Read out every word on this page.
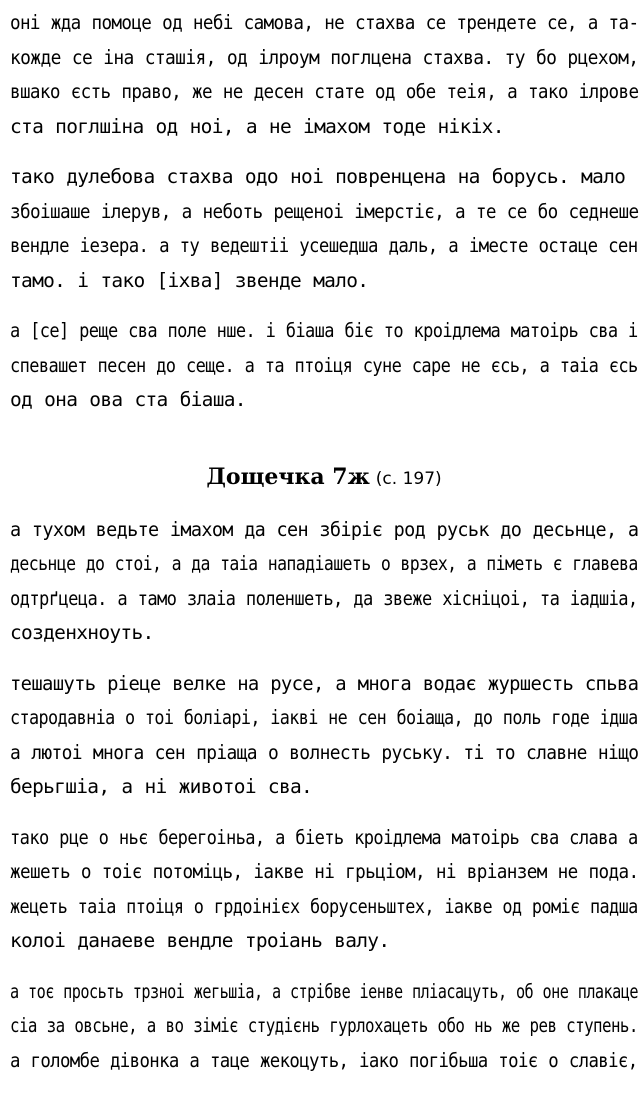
оні жда помоце од небі самова, не стахва се трендете се, а та-
кожде се іна сташія, од ілроум поглцена стахва. ту бо рцехом,
вшако єсть право, же не десен стате од обе теія, а тако ілрове
ста поглшіна од ноі, а не імахом тоде нікіх.

тако дулебова стахва одо ноі повренцена на борусь. мало
збоішаше ілерув, а неботь рещеноі імерстіє, а те се бо седнеше
вендле іезера. а ту ведештіі усешедша даль, а іместе остаце сен
тамо. і тако [іхва] звенде мало.

а [се] реще сва поле нше. і біаша біє то кроідлема матоірь сва і
спевашет песен до сеще. а та птоіця суне саре не єсь, а таіа єсь
од она ова ста біаша.

Дощечка 7ж (с. 197)

а тухом ведьте імахом да сен збіріє род руськ до десьнце, а
десьнце до стоі, а да таіа нападіашеть о врзех, а піметь є главева
одтрґцеца. а тамо злаіа поленшеть, да звеже хісніцоі, та іадшіа,
созденхноуть.

тешашуть ріеце велке на русе, а многа водає журшесть спьва
стародавніа о тоі боліарі, іакві не сен боіаща, до поль годе ідша
а лютоі многа сен пріаща о волнесть руську. ті то славне ніщо
берьгшіа, а ні животоі сва.

тако рце о ньє берегоіньа, а біеть кроідлема матоірь сва слава а
жешеть о тоіє потоміць, іакве ні грьціом, ні вріанзем не пода.
жецеть таіа птоіця о грдоінієх борусеньштех, іакве од роміє падша
колоі данаеве вендле троіань валу.

а тоє просьть трзноі жегьшіа, а стрібве іенве пліасацуть, об оне плакаце
сіа за овсьне, а во зіміє студієнь гурлохацеть обо нь же рев ступень.
а голомбе дівонка а таце жекоцуть, іако погібьша тоіє о славіє,
